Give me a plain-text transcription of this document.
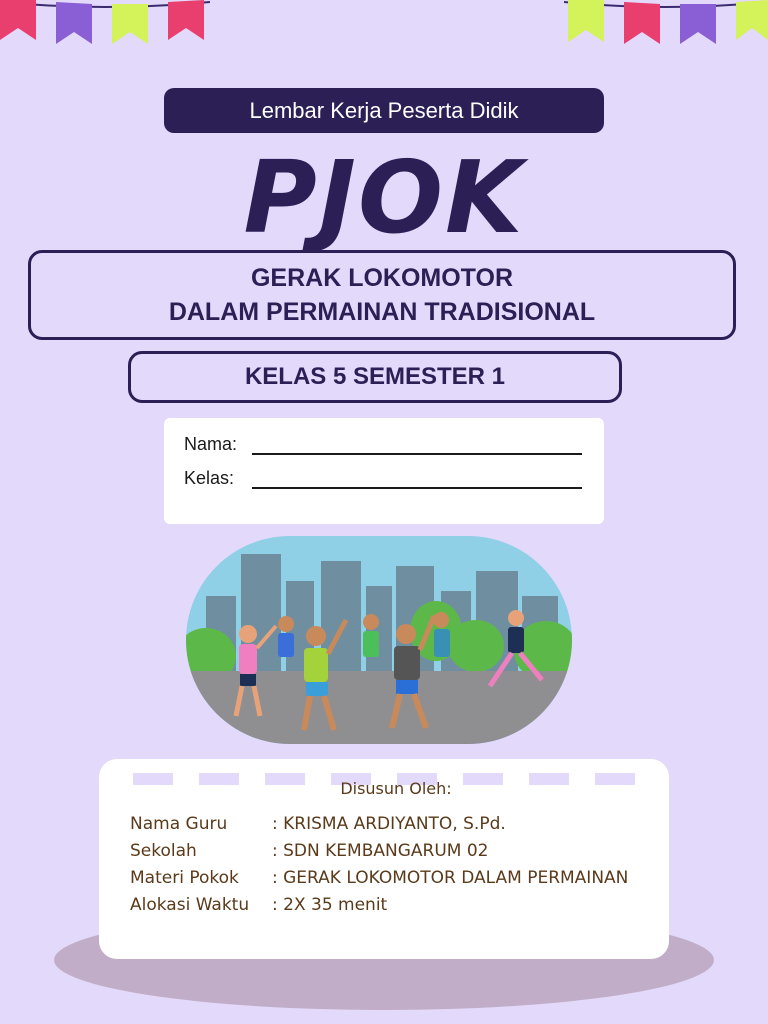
Lembar Kerja Peserta Didik
PJOK
GERAK LOKOMOTOR
DALAM PERMAINAN TRADISIONAL
KELAS 5 SEMESTER 1
Nama:
Kelas:
Disusun Oleh:
Nama Guru	: KRISMA ARDIYANTO, S.Pd.
Sekolah	: SDN KEMBANGARUM 02
Materi Pokok	: GERAK LOKOMOTOR DALAM PERMAINAN
Alokasi Waktu	: 2X 35 menit
